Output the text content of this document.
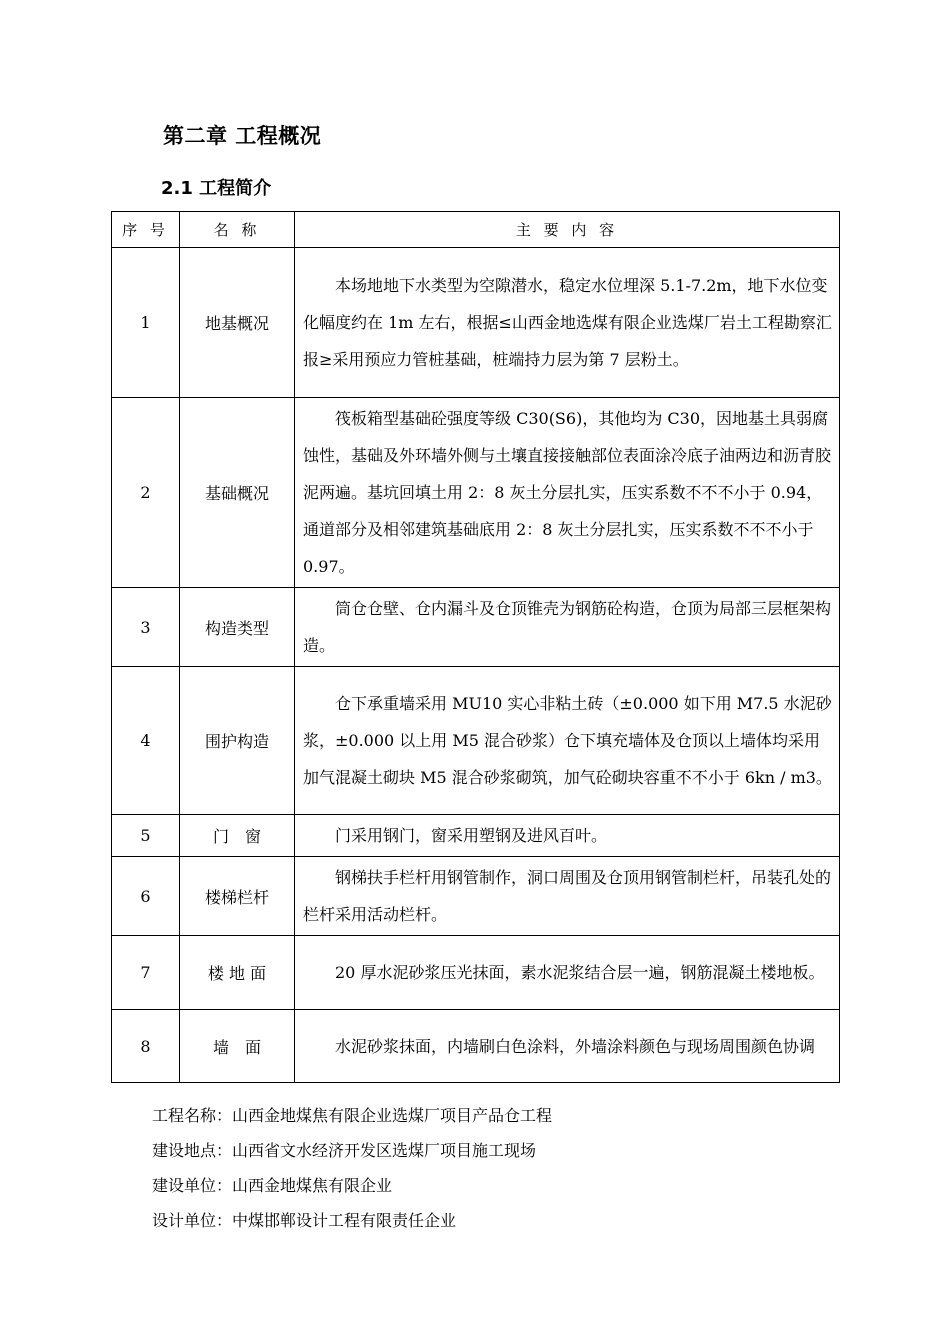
第二章 工程概况
2.1 工程简介
序 号	名 称	主 要 内 容
1	地基概况	本场地地下水类型为空隙潜水，稳定水位埋深 5.1-7.2m，地下水位变化幅度约在 1m 左右，根据≤山西金地选煤有限企业选煤厂岩土工程勘察汇报≥采用预应力管桩基础，桩端持力层为第 7 层粉土。

2	基础概况	筏板箱型基础砼强度等级 C30(S6)，其他均为 C30，因地基土具弱腐蚀性，基础及外环墙外侧与土壤直接接触部位表面涂冷底子油两边和沥青胶泥两遍。基坑回填土用 2：8 灰土分层扎实，压实系数不不不小于 0.94，通道部分及相邻建筑基础底用 2：8 灰土分层扎实，压实系数不不不小于 0.97。

3	构造类型	筒仓仓壁、仓内漏斗及仓顶锥壳为钢筋砼构造，仓顶为局部三层框架构造。

4	围护构造	仓下承重墙采用 MU10 实心非粘土砖（±0.000 如下用 M7.5 水泥砂浆，±0.000 以上用 M5 混合砂浆）仓下填充墙体及仓顶以上墙体均采用加气混凝土砌块 M5 混合砂浆砌筑，加气砼砌块容重不不小于 6kn / m3。

5	门　窗	门采用钢门，窗采用塑钢及进风百叶。

6	楼梯栏杆	钢梯扶手栏杆用钢管制作，洞口周围及仓顶用钢管制栏杆，吊装孔处的栏杆采用活动栏杆。

7	楼 地 面	20 厚水泥砂浆压光抹面，素水泥浆结合层一遍，钢筋混凝土楼地板。

8	墙　面	水泥砂浆抹面，内墙刷白色涂料，外墙涂料颜色与现场周围颜色协调
工程名称：山西金地煤焦有限企业选煤厂项目产品仓工程
建设地点：山西省文水经济开发区选煤厂项目施工现场
建设单位：山西金地煤焦有限企业
设计单位：中煤邯郸设计工程有限责任企业
